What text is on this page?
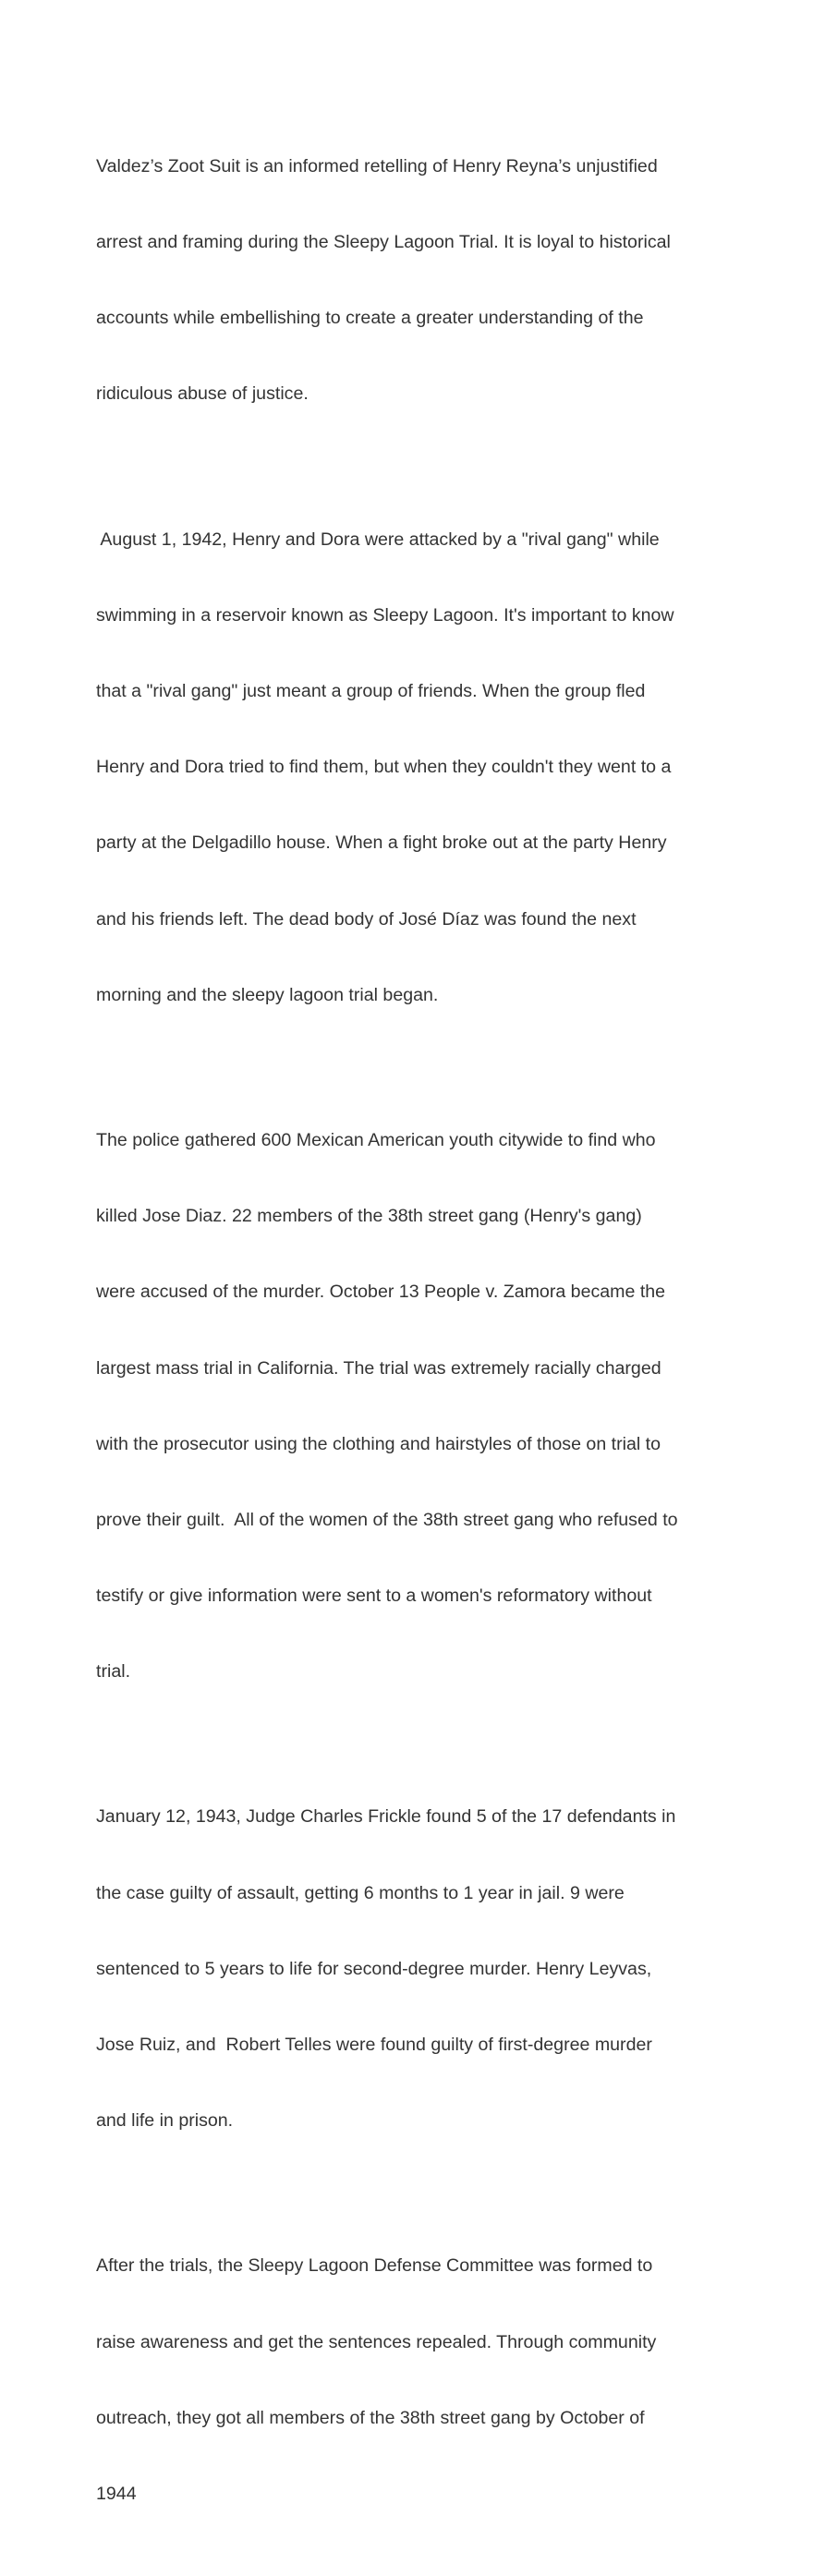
Valdez’s Zoot Suit is an informed retelling of Henry Reyna’s unjustified

arrest and framing during the Sleepy Lagoon Trial. It is loyal to historical

accounts while embellishing to create a greater understanding of the

ridiculous abuse of justice.

August 1, 1942, Henry and Dora were attacked by a "rival gang" while

swimming in a reservoir known as Sleepy Lagoon. It's important to know

that a "rival gang" just meant a group of friends. When the group fled

Henry and Dora tried to find them, but when they couldn't they went to a

party at the Delgadillo house. When a fight broke out at the party Henry

and his friends left. The dead body of José Díaz was found the next

morning and the sleepy lagoon trial began.

The police gathered 600 Mexican American youth citywide to find who

killed Jose Diaz. 22 members of the 38th street gang (Henry's gang)

were accused of the murder. October 13 People v. Zamora became the

largest mass trial in California. The trial was extremely racially charged

with the prosecutor using the clothing and hairstyles of those on trial to

prove their guilt.  All of the women of the 38th street gang who refused to

testify or give information were sent to a women's reformatory without

trial.

January 12, 1943, Judge Charles Frickle found 5 of the 17 defendants in

the case guilty of assault, getting 6 months to 1 year in jail. 9 were

sentenced to 5 years to life for second-degree murder. Henry Leyvas,

Jose Ruiz, and  Robert Telles were found guilty of first-degree murder

and life in prison.

After the trials, the Sleepy Lagoon Defense Committee was formed to

raise awareness and get the sentences repealed. Through community

outreach, they got all members of the 38th street gang by October of

1944
